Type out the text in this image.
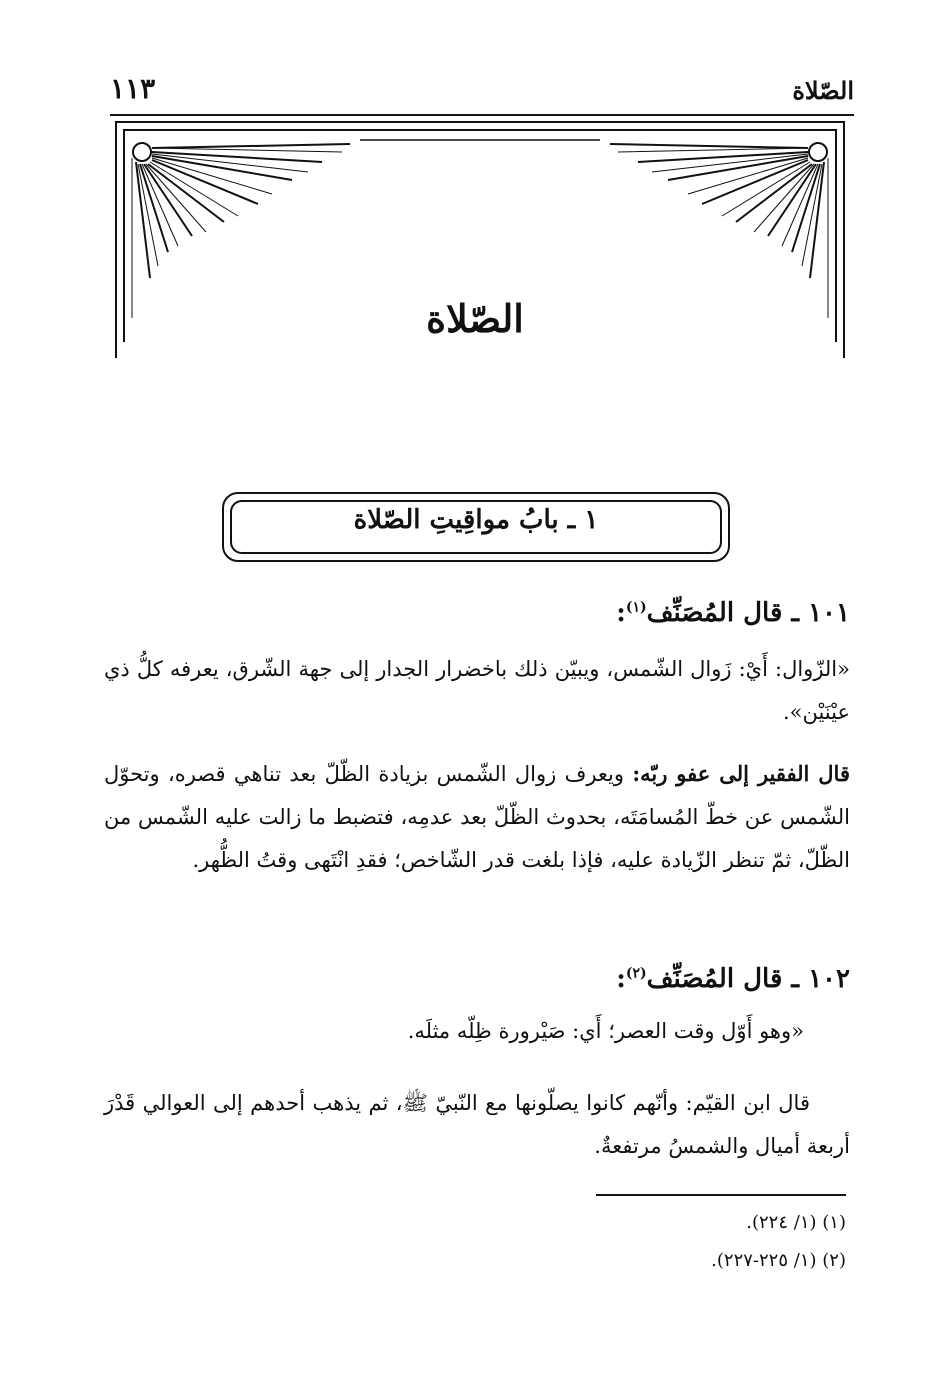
الصّلاة
١١٣
الصّلاة
١ ـ بابُ مواقِيتِ الصّلاة
١٠١ ـ قال المُصَنِّف$^{(١)}$:
«الزّوال: أَيْ: زَوال الشّمس، ويبيّن ذلك باخضرار الجدار إلى جهة الشّرق، يعرفه كلُّ ذي عيْنَيْن».
قال الفقير إلى عفو ربّه: ويعرف زوال الشّمس بزيادة الظّلّ بعد تناهي قصره، وتحوّل الشّمس عن خطّ المُسامَتَه، بحدوث الظّلّ بعد عدمِه، فتضبط ما زالت عليه الشّمس من الظّلّ، ثمّ تنظر الزّيادة عليه، فإذا بلغت قدر الشّاخص؛ فقدِ انْتَهى وقتُ الظُّهر.
١٠٢ ـ قال المُصَنِّف$^{(٢)}$:
«وهو أَوّل وقت العصر؛ أَي: صَيْرورة ظِلّه مثلَه.
قال ابن القيّم: وأنّهم كانوا يصلّونها مع النّبيّ ﷺ، ثم يذهب أحدهم إلى العوالي قَدْرَ أربعة أميال والشمسُ مرتفعةٌ.
(١) (١/ ٢٢٤).
(٢) (١/ ٢٢٥-٢٢٧).
